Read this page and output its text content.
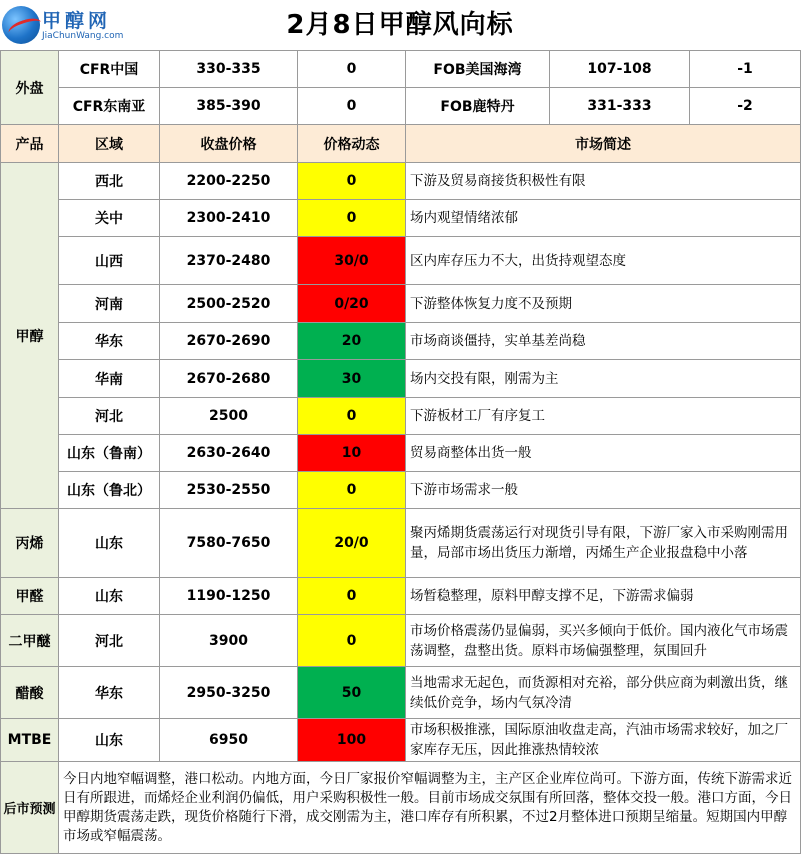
甲醇网
JiaChunWang.com	2月8日甲醇风向标
外盘	CFR中国	330-335	0	FOB美国海湾	107-108	-1
	CFR东南亚	385-390	0	FOB鹿特丹	331-333	-2
产品	区域	收盘价格	价格动态	市场简述		
甲醇	西北	2200-2250	0	下游及贸易商接货积极性有限		
	关中	2300-2410	0	场内观望情绪浓郁		
	山西	2370-2480	30/0	区内库存压力不大，出货持观望态度		
	河南	2500-2520	0/20	下游整体恢复力度不及预期		
	华东	2670-2690	20	市场商谈僵持，实单基差尚稳		
	华南	2670-2680	30	场内交投有限，刚需为主		
	河北	2500	0	下游板材工厂有序复工		
	山东（鲁南）	2630-2640	10	贸易商整体出货一般		
	山东（鲁北）	2530-2550	0	下游市场需求一般		
丙烯	山东	7580-7650	20/0	聚丙烯期货震荡运行对现货引导有限，下游厂家入市采购刚需用量，局部市场出货压力渐增，丙烯生产企业报盘稳中小落		
甲醛	山东	1190-1250	0	场暂稳整理，原料甲醇支撑不足，下游需求偏弱		
二甲醚	河北	3900	0	市场价格震荡仍显偏弱，买兴多倾向于低价。国内液化气市场震荡调整，盘整出货。原料市场偏强整理，氛围回升		
醋酸	华东	2950-3250	50	当地需求无起色，而货源相对充裕，部分供应商为刺激出货，继续低价竞争，场内气氛冷清		
MTBE	山东	6950	100	市场积极推涨，国际原油收盘走高，汽油市场需求较好，加之厂家库存无压，因此推涨热情较浓		
后市预测	今日内地窄幅调整，港口松动。内地方面，今日厂家报价窄幅调整为主，主产区企业库位尚可。下游方面，传统下游需求近日有所跟进，而烯烃企业利润仍偏低，用户采购积极性一般。目前市场成交氛围有所回落，整体交投一般。港口方面，今日甲醇期货震荡走跌，现货价格随行下滑，成交刚需为主，港口库存有所积累，不过2月整体进口预期呈缩量。短期国内甲醇市场或窄幅震荡。					
